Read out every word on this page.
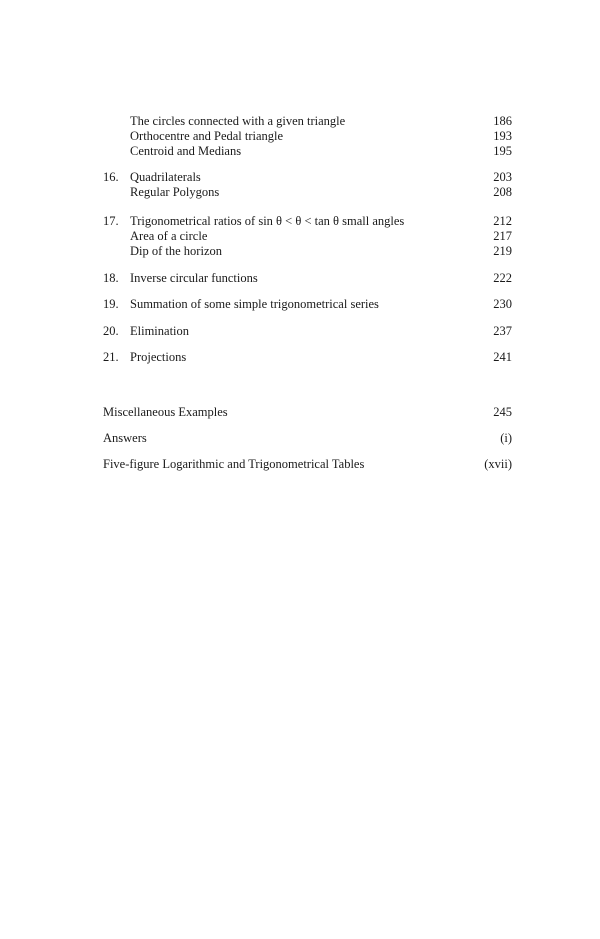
The circles connected with a given triangle	186
Orthocentre and Pedal triangle	193
Centroid and Medians	195
16. Quadrilaterals	203
Regular Polygons	208
17. Trigonometrical ratios of sin θ < θ < tan θ small angles	212
Area of a circle	217
Dip of the horizon	219
18. Inverse circular functions	222
19. Summation of some simple trigonometrical series	230
20. Elimination	237
21. Projections	241
Miscellaneous Examples	245
Answers	(i)
Five-figure Logarithmic and Trigonometrical Tables	(xvii)
